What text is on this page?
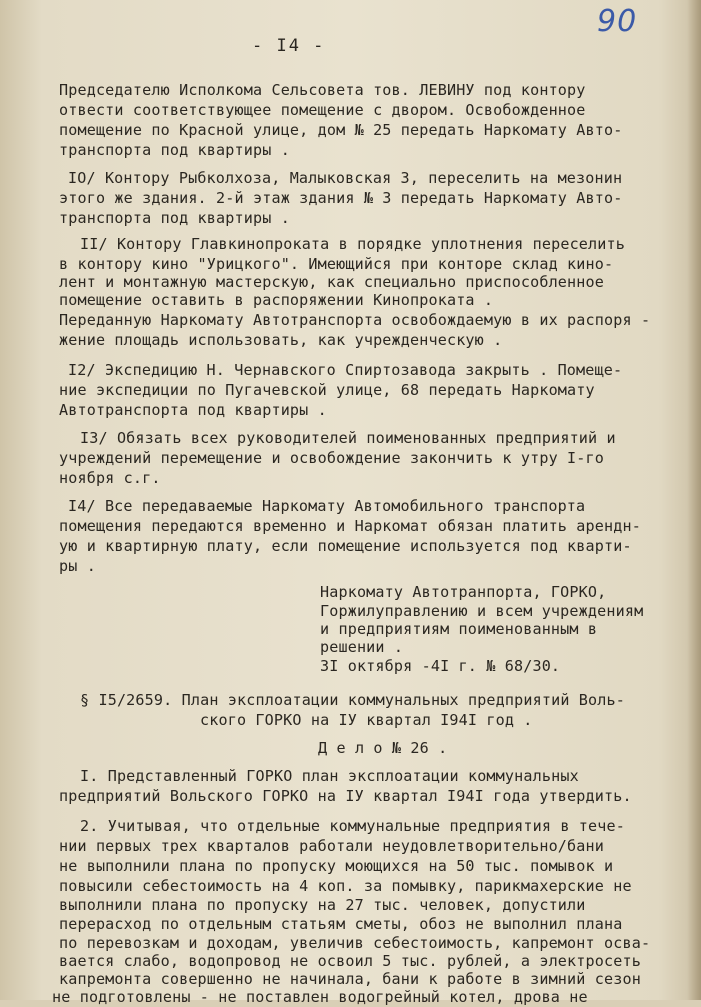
90
- I4 -
Председателю Исполкома Сельсовета тов. ЛЕВИНУ под контору
отвести соответствующее помещение с двором. Освобожденное
помещение по Красной улице, дом № 25 передать Наркомату Авто-
транспорта под квартиры .
IO/ Контору Рыбколхоза, Малыковская 3, переселить на мезонин
этого же здания. 2-й этаж здания № 3 передать Наркомату Авто-
транспорта под квартиры .
II/ Контору Главкинопроката в порядке уплотнения переселить
в контору кино "Урицкого". Имеющийся при конторе склад кино-
лент и монтажную мастерскую, как специально приспособленное
помещение оставить в распоряжении Кинопроката .
Переданную Наркомату Автотранспорта освобождаемую в их распоря -
жение площадь использовать, как учрежденческую .
I2/ Экспедицию Н. Чернавского Спиртозавода закрыть . Помеще-
ние экспедиции по Пугачевской улице, 68 передать Наркомату
Автотранспорта под квартиры .
I3/ Обязать всех руководителей поименованных предприятий и
учреждений перемещение и освобождение закончить к утру I-го
ноября с.г.
I4/ Все передаваемые Наркомату Автомобильного транспорта
помещения передаются временно и Наркомат обязан платить арендн-
ую и квартирную плату, если помещение используется под кварти-
ры .
Наркомату Автотранпорта, ГОРКО,
Горжилуправлению и всем учреждениям
и предприятиям поименованным в
решении .
3I октября -4I г. № 68/30.
§ I5/2659. План эксплоатации коммунальных предприятий Воль-
ского ГОРКО на IУ квартал I94I год .
Д е л о № 26 .
I. Представленный ГОРКО план эксплоатации коммунальных
предприятий Вольского ГОРКО на IУ квартал I94I года утвердить.
2. Учитывая, что отдельные коммунальные предприятия в тече-
нии первых трех кварталов работали неудовлетворительно/бани
не выполнили плана по пропуску моющихся на 50 тыс. помывок и
повысили себестоимость на 4 коп. за помывку, парикмахерские не
выполнили плана по пропуску на 27 тыс. человек, допустили
перерасход по отдельным статьям сметы, обоз не выполнил плана
по перевозкам и доходам, увеличив себестоимость, капремонт осва-
вается слабо, водопровод не освоил 5 тыс. рублей, а электросеть
капремонта совершенно не начинала, бани к работе в зимний сезон
не подготовлены - не поставлен водогрейный котел, дрова не
